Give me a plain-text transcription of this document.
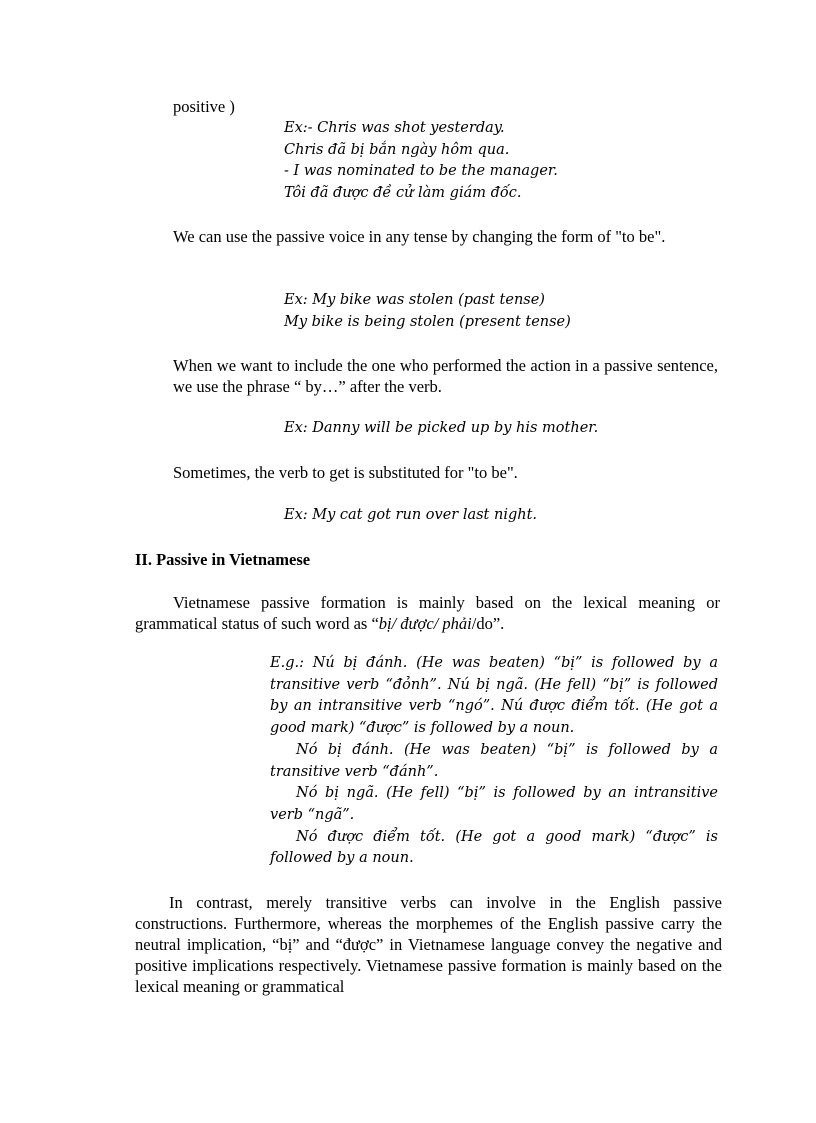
positive )

Ex:- Chris was shot yesterday.
Chris đã bị bắn ngày hôm qua.
- I was nominated to be the manager.
Tôi đã được đề cử làm giám đốc.

We can use the passive voice in any tense by changing the form of "to be".

Ex: My bike was stolen (past tense)
My bike is being stolen (present tense)

When we want to include the one who performed the action in a passive sentence, we use the phrase “ by…” after the verb.

Ex: Danny will be picked up by his mother.

Sometimes, the verb to get is substituted for "to be".

Ex: My cat got run over last night.
II. Passive in Vietnamese

Vietnamese passive formation is mainly based on the lexical meaning or grammatical status of such word as “bị/ được/ phải/do”.

E.g.: Nú bị đánh. (He was beaten) “bị” is followed by a transitive verb “đỏnh”. Nú bị ngã. (He fell) “bị” is followed by an intransitive verb “ngó”. Nú được điểm tốt. (He got a good mark) “được” is followed by a noun.
Nó bị đánh. (He was beaten) “bị” is followed by a transitive verb “đánh”.
Nó bị ngã. (He fell) “bị” is followed by an intransitive verb “ngã”.
Nó được điểm tốt. (He got a good mark) “được” is followed by a noun.

In contrast, merely transitive verbs can involve in the English passive constructions. Furthermore, whereas the morphemes of the English passive carry the neutral implication, “bị” and “được” in Vietnamese language convey the negative and positive implications respectively. Vietnamese passive formation is mainly based on the lexical meaning or grammatical
